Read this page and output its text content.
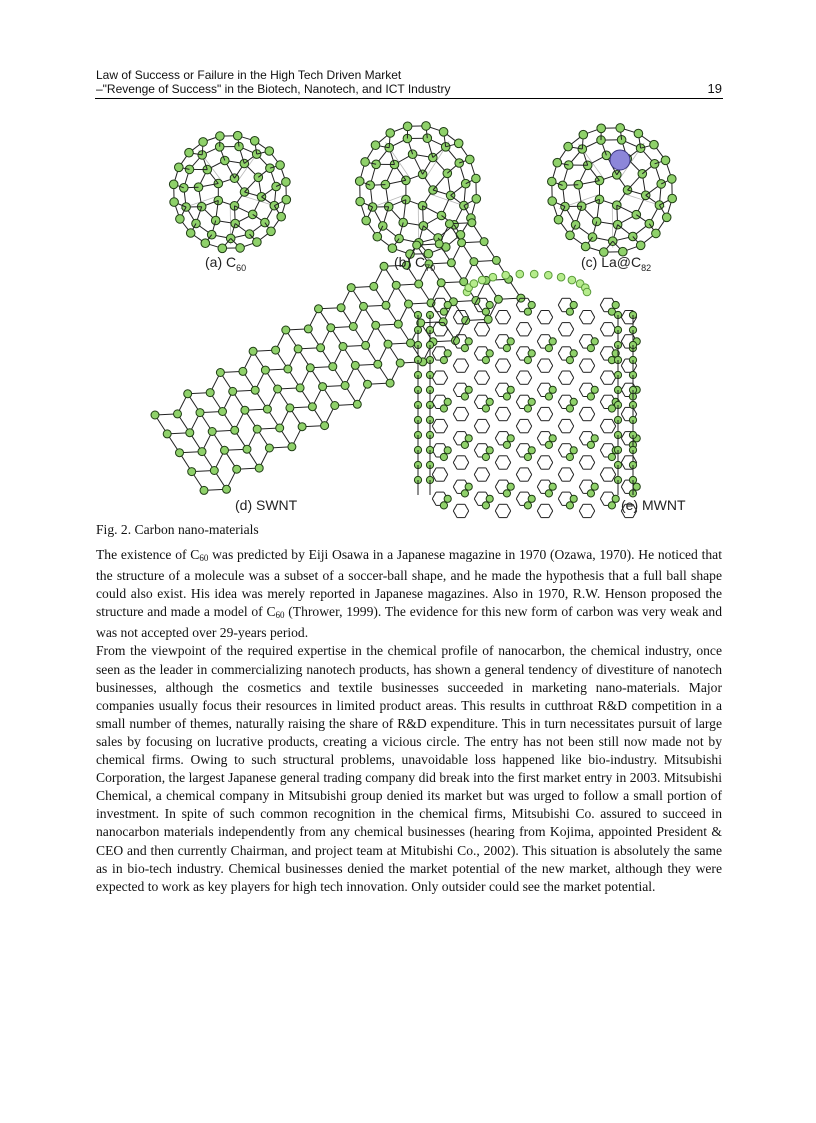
Law of Success or Failure in the High Tech Driven Market
–"Revenge of Success" in the Biotech, Nanotech, and ICT Industry	19
(a) $C_{60}$	(b) $C_{70}$	(c) $La@C_{82}$
(d) SWNT	(e) MWNT
Fig. 2. Carbon nano-materials

The existence of $C_{60}$ was predicted by Eiji Osawa in a Japanese magazine in 1970 (Ozawa, 1970). He noticed that the structure of a molecule was a subset of a soccer-ball shape, and he made the hypothesis that a full ball shape could also exist. His idea was merely reported in Japanese magazines. Also in 1970, R.W. Henson proposed the structure and made a model of $C_{60}$ (Thrower, 1999). The evidence for this new form of carbon was very weak and was not accepted over 29-years period.

From the viewpoint of the required expertise in the chemical profile of nanocarbon, the chemical industry, once seen as the leader in commercializing nanotech products, has shown a general tendency of divestiture of nanotech businesses, although the cosmetics and textile businesses succeeded in marketing nano-materials. Major companies usually focus their resources in limited product areas. This results in cutthroat R&D competition in a small number of themes, naturally raising the share of R&D expenditure. This in turn necessitates pursuit of large sales by focusing on lucrative products, creating a vicious circle. The entry has not been still now made not by chemical firms. Owing to such structural problems, unavoidable loss happened like bio-industry. Mitsubishi Corporation, the largest Japanese general trading company did break into the first market entry in 2003. Mitsubishi Chemical, a chemical company in Mitsubishi group denied its market but was urged to follow a small portion of investment. In spite of such common recognition in the chemical firms, Mitsubishi Co. assured to succeed in nanocarbon materials independently from any chemical businesses (hearing from Kojima, appointed President & CEO and then currently Chairman, and project team at Mitubishi Co., 2002). This situation is absolutely the same as in bio-tech industry. Chemical businesses denied the market potential of the new market, although they were expected to work as key players for high tech innovation. Only outsider could see the market potential.
